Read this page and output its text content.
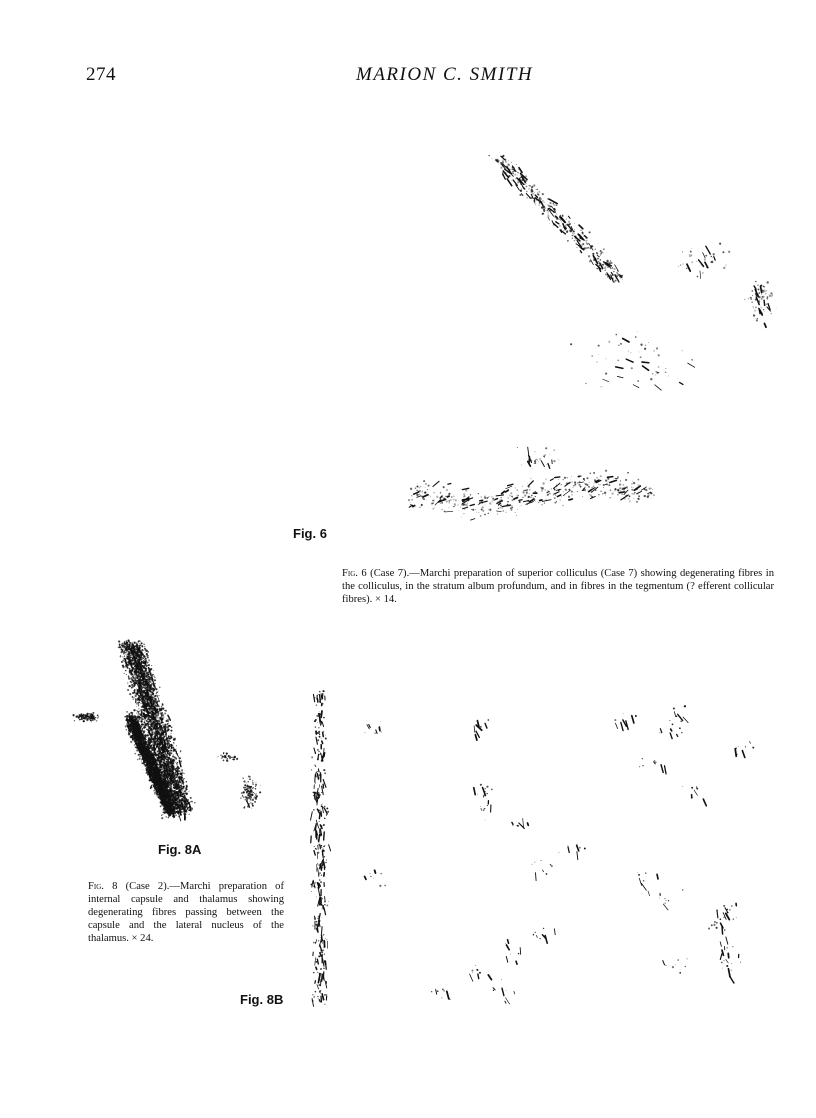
274	MARION C. SMITH
Fig. 6
Fig. 6 (Case 7).—Marchi preparation of superior colliculus (Case 7) showing degenerating fibres in the colliculus, in the stratum album profundum, and in fibres in the tegmentum (? efferent collicular fibres). × 14.
Fig. 8A
Fig. 8 (Case 2).—Marchi preparation of internal capsule and thalamus showing degenerating fibres passing between the capsule and the lateral nucleus of the thalamus. × 24.
Fig. 8B
